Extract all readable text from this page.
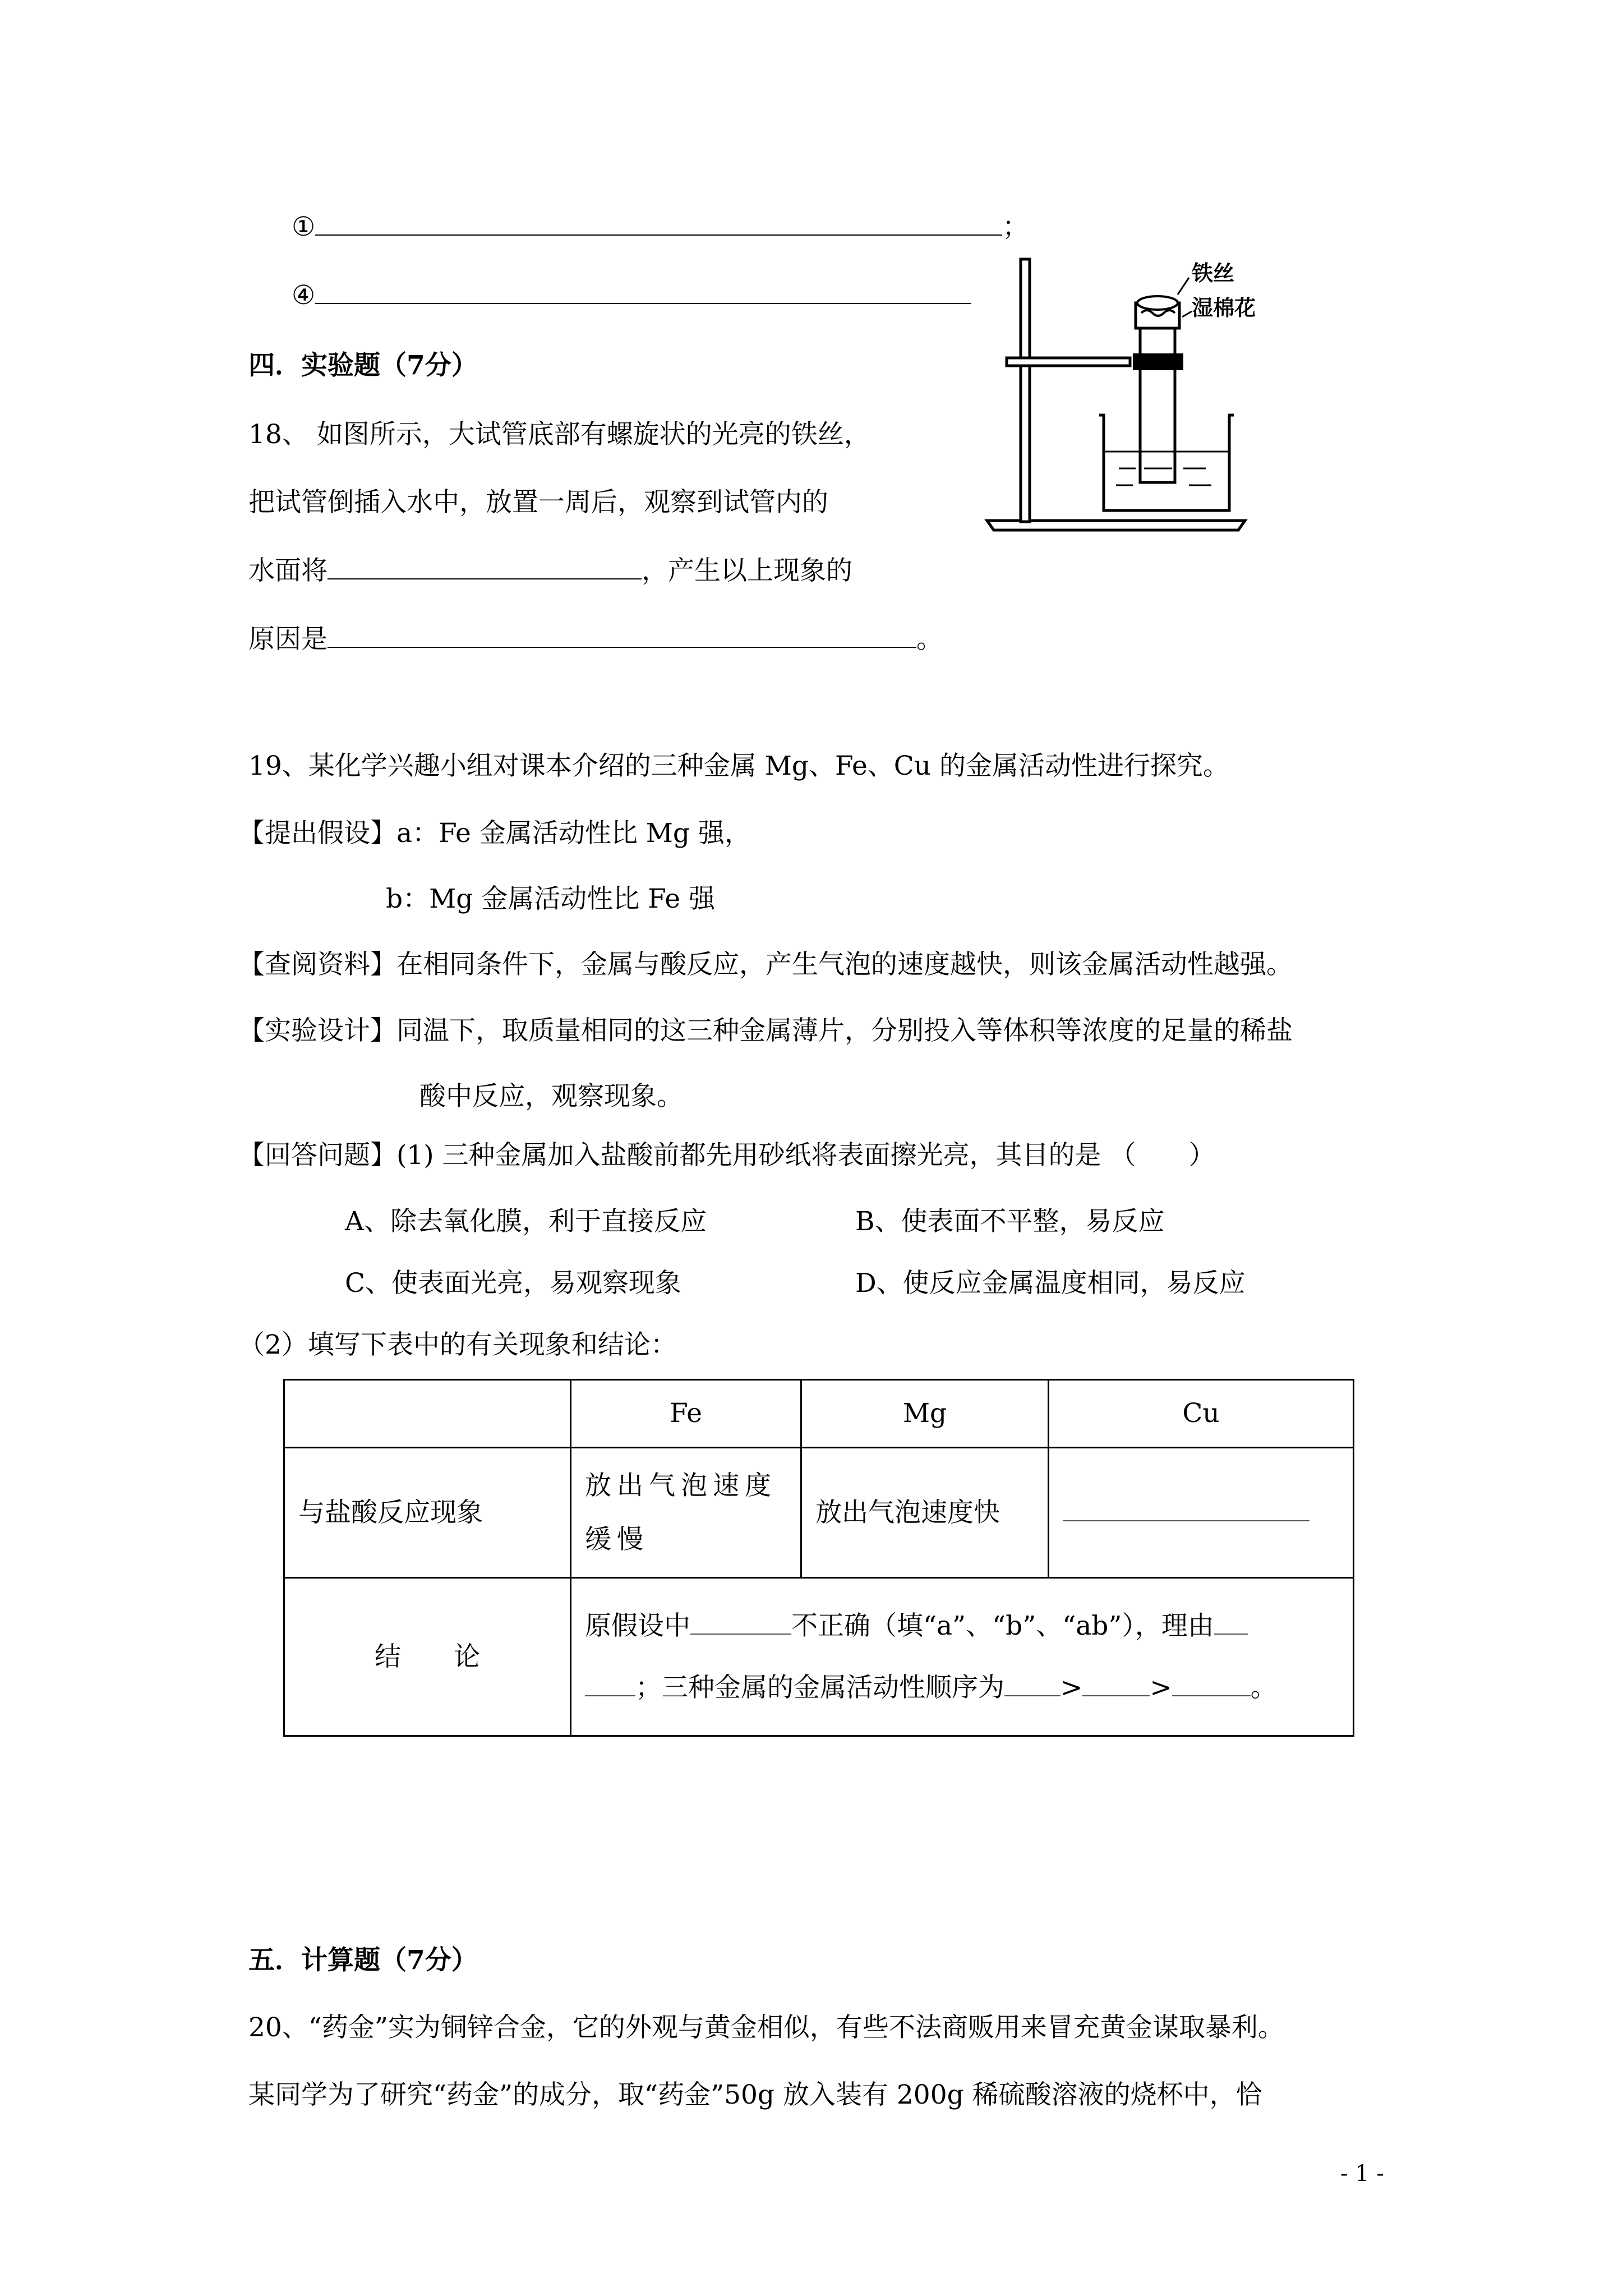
①	；
④
铁丝
湿棉花
四．实验题（7分）
18、 如图所示，大试管底部有螺旋状的光亮的铁丝，
把试管倒插入水中，放置一周后，观察到试管内的
水面将	，产生以上现象的
原因是	。
19、某化学兴趣小组对课本介绍的三种金属 Mg、Fe、Cu 的金属活动性进行探究。
【提出假设】a：Fe 金属活动性比 Mg 强，
b：Mg 金属活动性比 Fe 强
【查阅资料】在相同条件下，金属与酸反应，产生气泡的速度越快，则该金属活动性越强。
【实验设计】同温下，取质量相同的这三种金属薄片，分别投入等体积等浓度的足量的稀盐
酸中反应，观察现象。
【回答问题】(1) 三种金属加入盐酸前都先用砂纸将表面擦光亮，其目的是 （　　）
A、除去氧化膜，利于直接反应	B、使表面不平整，易反应
C、使表面光亮，易观察现象	D、使反应金属温度相同，易反应
（2）填写下表中的有关现象和结论：
	Fe	Mg	Cu
与盐酸反应现象	放出气泡速度缓慢	放出气泡速度快	
结　　论	原假设中 不正确（填“a”、“b”、“ab”），理由
；三种金属的金属活动性顺序为 > > 。		
五．计算题（7分）
20、“药金”实为铜锌合金，它的外观与黄金相似，有些不法商贩用来冒充黄金谋取暴利。
某同学为了研究“药金”的成分，取“药金”50g 放入装有 200g 稀硫酸溶液的烧杯中，恰
- 1 -
